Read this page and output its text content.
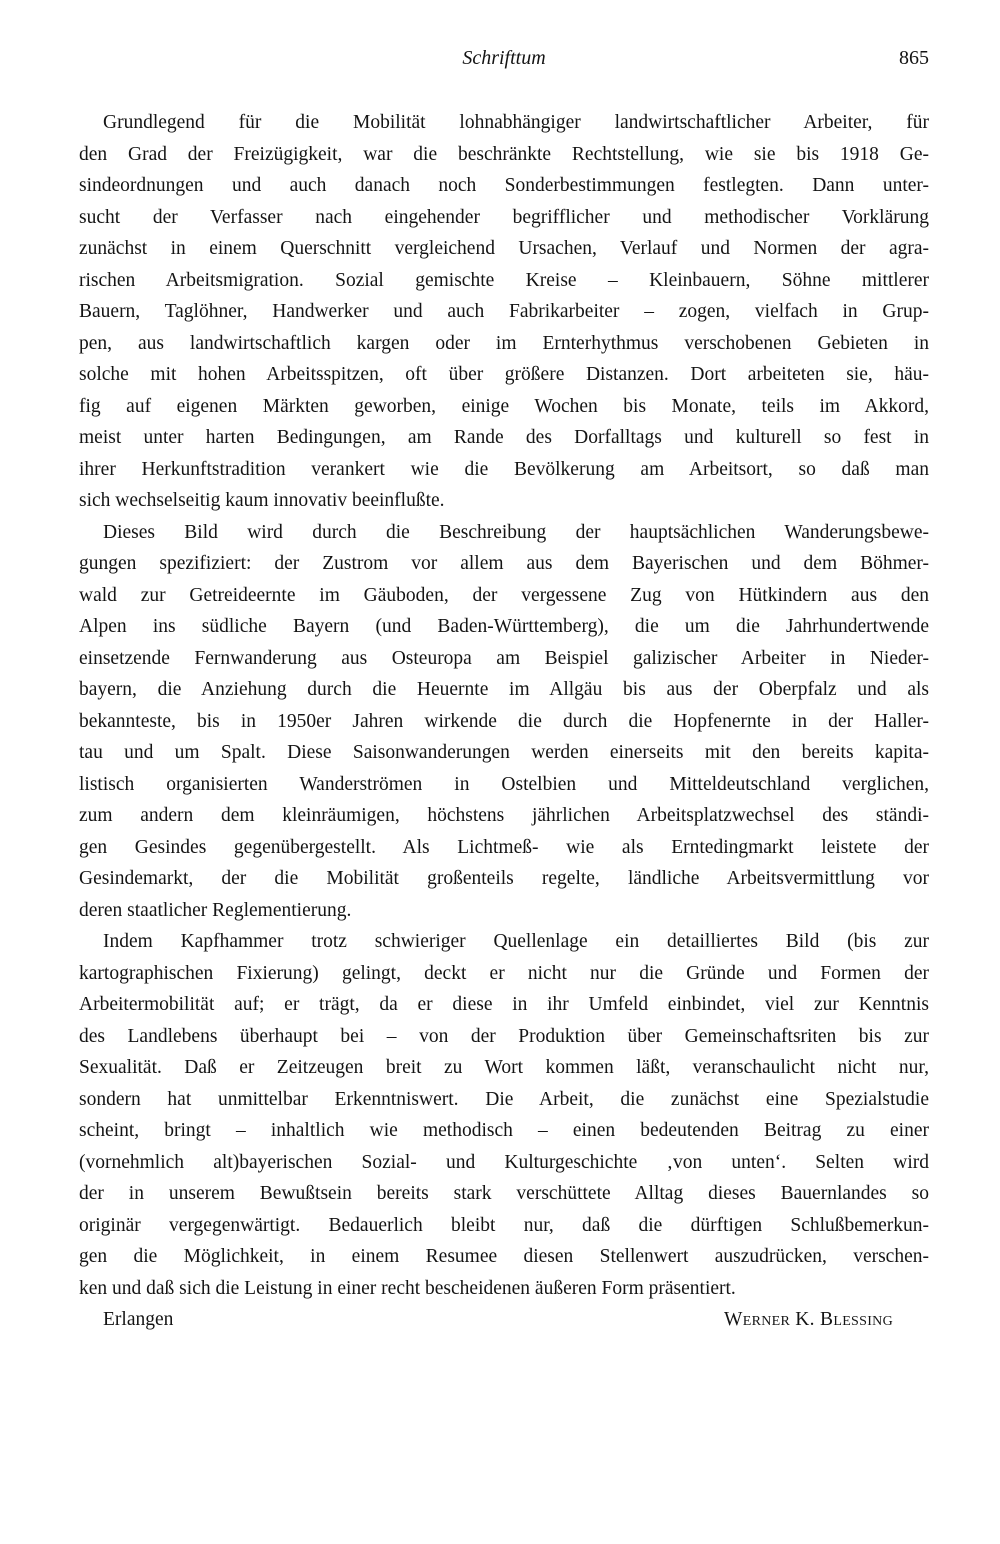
Schrifttum	865
Grundlegend für die Mobilität lohnabhängiger landwirtschaftlicher Arbeiter, für
den Grad der Freizügigkeit, war die beschränkte Rechtstellung, wie sie bis 1918 Ge-
sindeordnungen und auch danach noch Sonderbestimmungen festlegten. Dann unter-
sucht der Verfasser nach eingehender begrifflicher und methodischer Vorklärung
zunächst in einem Querschnitt vergleichend Ursachen, Verlauf und Normen der agra-
rischen Arbeitsmigration. Sozial gemischte Kreise – Kleinbauern, Söhne mittlerer
Bauern, Taglöhner, Handwerker und auch Fabrikarbeiter – zogen, vielfach in Grup-
pen, aus landwirtschaftlich kargen oder im Ernterhythmus verschobenen Gebieten in
solche mit hohen Arbeitsspitzen, oft über größere Distanzen. Dort arbeiteten sie, häu-
fig auf eigenen Märkten geworben, einige Wochen bis Monate, teils im Akkord,
meist unter harten Bedingungen, am Rande des Dorfalltags und kulturell so fest in
ihrer Herkunftstradition verankert wie die Bevölkerung am Arbeitsort, so daß man
sich wechselseitig kaum innovativ beeinflußte.
Dieses Bild wird durch die Beschreibung der hauptsächlichen Wanderungsbewe-
gungen spezifiziert: der Zustrom vor allem aus dem Bayerischen und dem Böhmer-
wald zur Getreideernte im Gäuboden, der vergessene Zug von Hütkindern aus den
Alpen ins südliche Bayern (und Baden-Württemberg), die um die Jahrhundertwende
einsetzende Fernwanderung aus Osteuropa am Beispiel galizischer Arbeiter in Nieder-
bayern, die Anziehung durch die Heuernte im Allgäu bis aus der Oberpfalz und als
bekannteste, bis in 1950er Jahren wirkende die durch die Hopfenernte in der Haller-
tau und um Spalt. Diese Saisonwanderungen werden einerseits mit den bereits kapita-
listisch organisierten Wanderströmen in Ostelbien und Mitteldeutschland verglichen,
zum andern dem kleinräumigen, höchstens jährlichen Arbeitsplatzwechsel des ständi-
gen Gesindes gegenübergestellt. Als Lichtmeß- wie als Erntedingmarkt leistete der
Gesindemarkt, der die Mobilität großenteils regelte, ländliche Arbeitsvermittlung vor
deren staatlicher Reglementierung.
Indem Kapfhammer trotz schwieriger Quellenlage ein detailliertes Bild (bis zur
kartographischen Fixierung) gelingt, deckt er nicht nur die Gründe und Formen der
Arbeitermobilität auf; er trägt, da er diese in ihr Umfeld einbindet, viel zur Kenntnis
des Landlebens überhaupt bei – von der Produktion über Gemeinschaftsriten bis zur
Sexualität. Daß er Zeitzeugen breit zu Wort kommen läßt, veranschaulicht nicht nur,
sondern hat unmittelbar Erkenntniswert. Die Arbeit, die zunächst eine Spezialstudie
scheint, bringt – inhaltlich wie methodisch – einen bedeutenden Beitrag zu einer
(vornehmlich alt)bayerischen Sozial- und Kulturgeschichte ‚von unten‘. Selten wird
der in unserem Bewußtsein bereits stark verschüttete Alltag dieses Bauernlandes so
originär vergegenwärtigt. Bedauerlich bleibt nur, daß die dürftigen Schlußbemerkun-
gen die Möglichkeit, in einem Resumee diesen Stellenwert auszudrücken, verschen-
ken und daß sich die Leistung in einer recht bescheidenen äußeren Form präsentiert.
Erlangen	Werner K. Blessing
